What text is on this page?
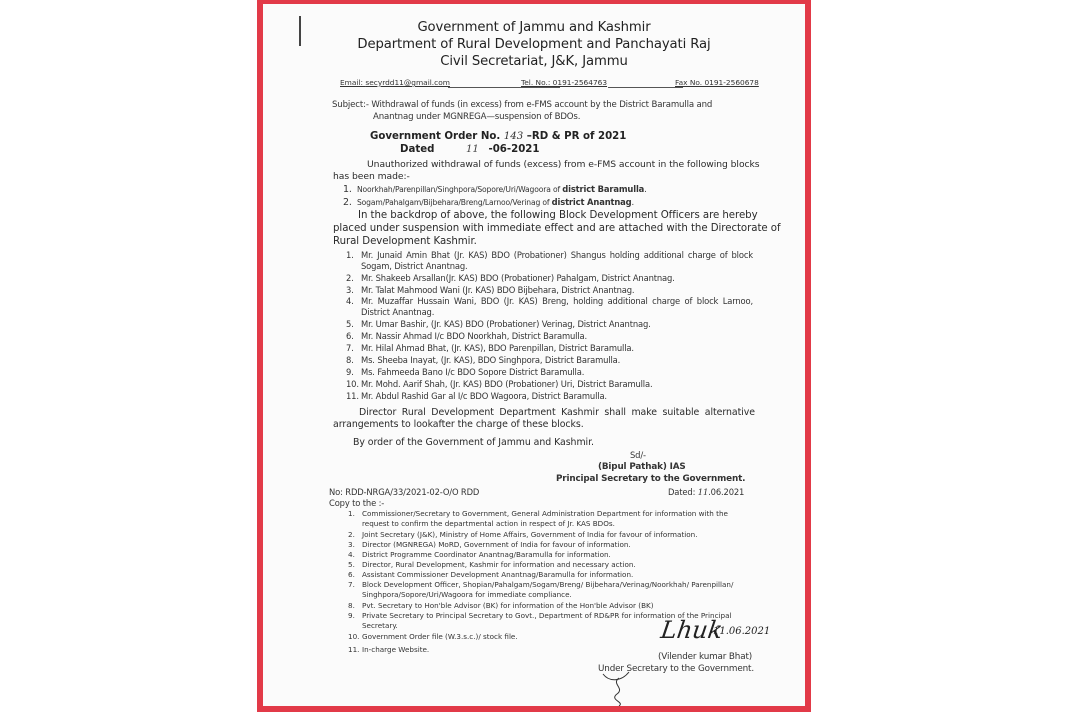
Government of Jammu and Kashmir
Department of Rural Development and Panchayati Raj
Civil Secretariat, J&K, Jammu
Email: secyrdd11@gmail.com	Tel. No.: 0191-2564763	Fax No. 0191-2560678
Subject:- Withdrawal of funds (in excess) from e-FMS account by the District Baramulla and
Anantnag under MGNREGA—suspension of BDOs.
Government Order No. 143 –RD & PR of 2021
Dated	11 -06-2021
Unauthorized withdrawal of funds (excess) from e-FMS account in the following blocks
has been made:-
1. Noorkhah/Parenpillan/Singhpora/Sopore/Uri/Wagoora of district Baramulla.
2. Sogam/Pahalgam/Bijbehara/Breng/Larnoo/Verinag of district Anantnag.
In the backdrop of above, the following Block Development Officers are hereby
placed under suspension with immediate effect and are attached with the Directorate of
Rural Development Kashmir.
1. Mr. Junaid Amin Bhat (Jr. KAS) BDO (Probationer) Shangus holding additional charge of block
Sogam, District Anantnag.
2. Mr. Shakeeb Arsallan(Jr. KAS) BDO (Probationer) Pahalgam, District Anantnag.
3. Mr. Talat Mahmood Wani (Jr. KAS) BDO Bijbehara, District Anantnag.
4. Mr. Muzaffar Hussain Wani, BDO (Jr. KAS) Breng, holding additional charge of block Larnoo,
District Anantnag.
5. Mr. Umar Bashir, (Jr. KAS) BDO (Probationer) Verinag, District Anantnag.
6. Mr. Nassir Ahmad I/c BDO Noorkhah, District Baramulla.
7. Mr. Hilal Ahmad Bhat, (Jr. KAS), BDO Parenpillan, District Baramulla.
8. Ms. Sheeba Inayat, (Jr. KAS), BDO Singhpora, District Baramulla.
9. Ms. Fahmeeda Bano I/c BDO Sopore District Baramulla.
10. Mr. Mohd. Aarif Shah, (Jr. KAS) BDO (Probationer) Uri, District Baramulla.
11. Mr. Abdul Rashid Gar al I/c BDO Wagoora, District Baramulla.
Director Rural Development Department Kashmir shall make suitable alternative
arrangements to lookafter the charge of these blocks.
By order of the Government of Jammu and Kashmir.
Sd/-
(Bipul Pathak) IAS
Principal Secretary to the Government.
No: RDD-NRGA/33/2021-02-O/O RDD	Dated: 11.06.2021
Copy to the :-
1. Commissioner/Secretary to Government, General Administration Department for information with the
request to confirm the departmental action in respect of Jr. KAS BDOs.
2. Joint Secretary (J&K), Ministry of Home Affairs, Government of India for favour of information.
3. Director (MGNREGA) MoRD, Government of India for favour of information.
4. District Programme Coordinator Anantnag/Baramulla for information.
5. Director, Rural Development, Kashmir for information and necessary action.
6. Assistant Commissioner Development Anantnag/Baramulla for information.
7. Block Development Officer, Shopian/Pahalgam/Sogam/Breng/ Bijbehara/Verinag/Noorkhah/ Parenpillan/
Singhpora/Sopore/Uri/Wagoora for immediate compliance.
8. Pvt. Secretary to Hon'ble Advisor (BK) for information of the Hon'ble Advisor (BK)
9. Private Secretary to Principal Secretary to Govt., Department of RD&PR for information of the Principal
Secretary.
10. Government Order file (W.3.s.c.)/ stock file.
11. In-charge Website.
Lhuk
11.06.2021
(Vilender kumar Bhat)
Under Secretary to the Government.
